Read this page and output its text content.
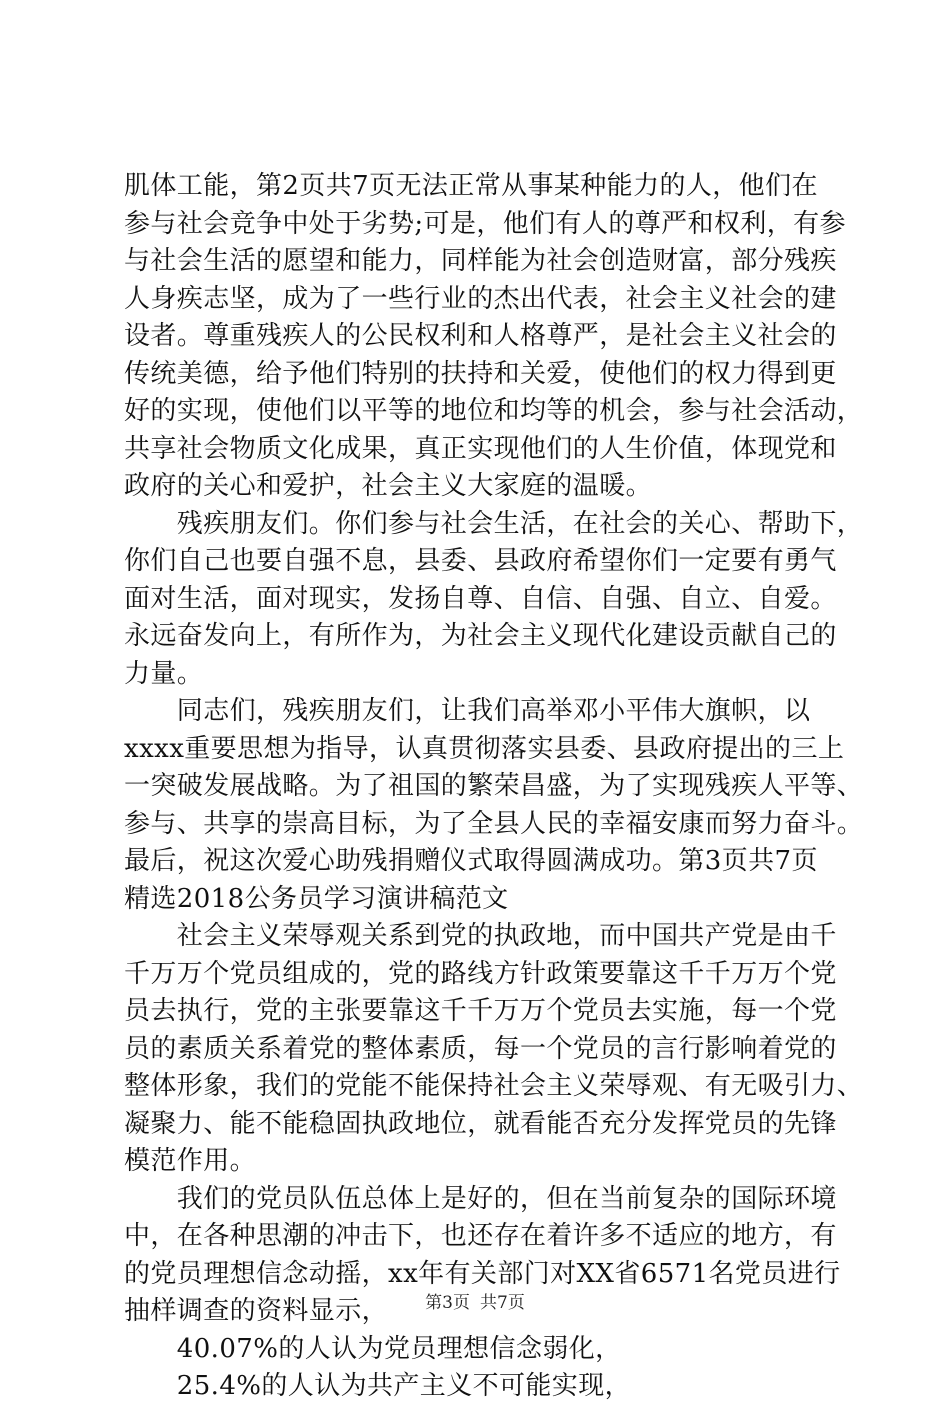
肌体工能，第2页共7页无法正常从事某种能力的人，他们在
参与社会竞争中处于劣势;可是，他们有人的尊严和权利，有参
与社会生活的愿望和能力，同样能为社会创造财富，部分残疾
人身疾志坚，成为了一些行业的杰出代表，社会主义社会的建
设者。尊重残疾人的公民权利和人格尊严，是社会主义社会的
传统美德，给予他们特别的扶持和关爱，使他们的权力得到更
好的实现，使他们以平等的地位和均等的机会，参与社会活动，
共享社会物质文化成果，真正实现他们的人生价值，体现党和
政府的关心和爱护，社会主义大家庭的温暖。
　　残疾朋友们。你们参与社会生活，在社会的关心、帮助下，
你们自己也要自强不息，县委、县政府希望你们一定要有勇气
面对生活，面对现实，发扬自尊、自信、自强、自立、自爱。
永远奋发向上，有所作为，为社会主义现代化建设贡献自己的
力量。
　　同志们，残疾朋友们，让我们高举邓小平伟大旗帜，以
xxxx重要思想为指导，认真贯彻落实县委、县政府提出的三上
一突破发展战略。为了祖国的繁荣昌盛，为了实现残疾人平等、
参与、共享的崇高目标，为了全县人民的幸福安康而努力奋斗。
最后，祝这次爱心助残捐赠仪式取得圆满成功。第3页共7页
精选2018公务员学习演讲稿范文
　　社会主义荣辱观关系到党的执政地，而中国共产党是由千
千万万个党员组成的，党的路线方针政策要靠这千千万万个党
员去执行，党的主张要靠这千千万万个党员去实施，每一个党
员的素质关系着党的整体素质，每一个党员的言行影响着党的
整体形象，我们的党能不能保持社会主义荣辱观、有无吸引力、
凝聚力、能不能稳固执政地位，就看能否充分发挥党员的先锋
模范作用。
　　我们的党员队伍总体上是好的，但在当前复杂的国际环境
中，在各种思潮的冲击下，也还存在着许多不适应的地方，有
的党员理想信念动摇，xx年有关部门对XX省6571名党员进行
抽样调查的资料显示，
　　40.07%的人认为党员理想信念弱化，
　　25.4%的人认为共产主义不可能实现，
第3页 共7页
